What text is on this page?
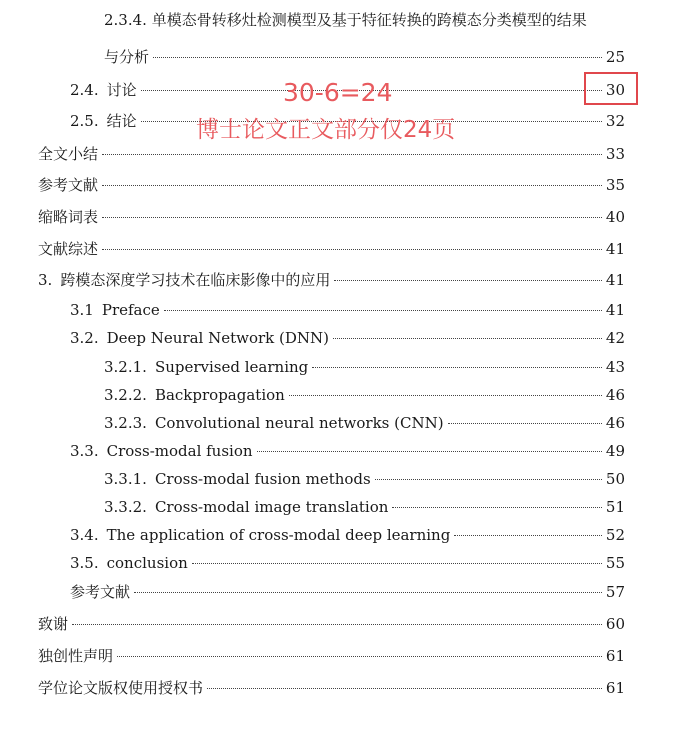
2.3.4. 单模态骨转移灶检测模型及基于特征转换的跨模态分类模型的结果
与分析	25
2.4. 讨论	30
2.5. 结论	32
全文小结	33
参考文献	35
缩略词表	40
文献综述	41
3. 跨模态深度学习技术在临床影像中的应用	41
3.1 Preface	41
3.2. Deep Neural Network (DNN)	42
3.2.1. Supervised learning	43
3.2.2. Backpropagation	46
3.2.3. Convolutional neural networks (CNN)	46
3.3. Cross-modal fusion	49
3.3.1. Cross-modal fusion methods	50
3.3.2. Cross-modal image translation	51
3.4. The application of cross-modal deep learning	52
3.5. conclusion	55
参考文献	57
致谢	60
独创性声明	61
学位论文版权使用授权书	61
30-6=24
博士论文正文部分仅24页
